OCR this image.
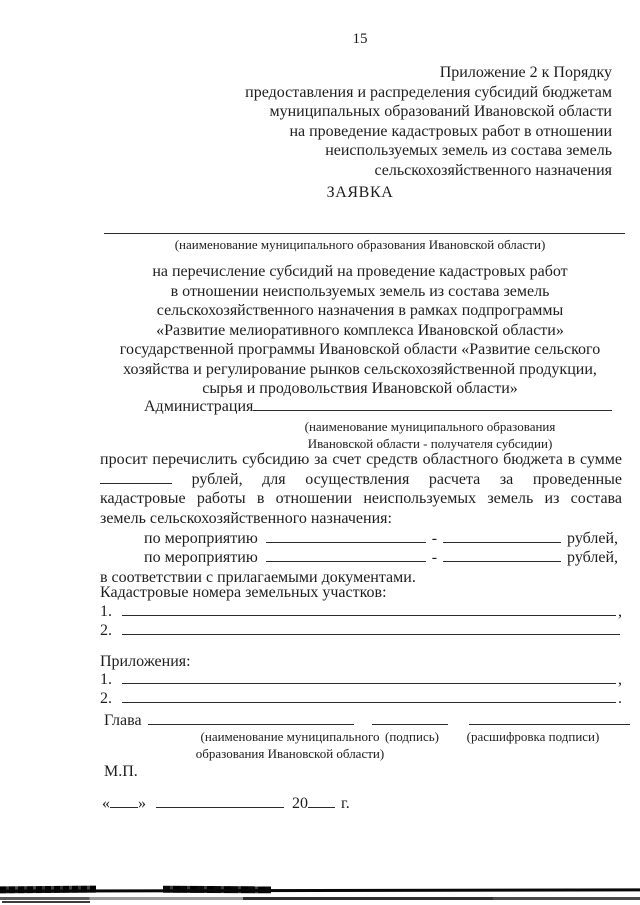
15
Приложение 2 к Порядку
предоставления и распределения субсидий бюджетам
муниципальных образований Ивановской области
на проведение кадастровых работ в отношении
неиспользуемых земель из состава земель
сельскохозяйственного назначения
ЗАЯВКА
(наименование муниципального образования Ивановской области)
на перечисление субсидий на проведение кадастровых работ
в отношении неиспользуемых земель из состава земель
сельскохозяйственного назначения в рамках подпрограммы
«Развитие мелиоративного комплекса Ивановской области»
государственной программы Ивановской области «Развитие сельского
хозяйства и регулирование рынков сельскохозяйственной продукции,
сырья и продовольствия Ивановской области»
Администрация
(наименование муниципального образования
Ивановской области - получателя субсидии)
просит перечислить субсидию за счет средств областного бюджета в сумме
рублей, для осуществления расчета за проведенные
кадастровые работы в отношении неиспользуемых земель из состава
земель сельскохозяйственного назначения:
по мероприятию	-	рублей,
по мероприятию	-	рублей,
в соответствии с прилагаемыми документами.
Кадастровые номера земельных участков:
1.	,
2.
Приложения:
1.	,
2.	.
Глава
(наименование муниципального
образования Ивановской области)
(подпись)	(расшифровка подписи)
М.П.
« »	20 г.
